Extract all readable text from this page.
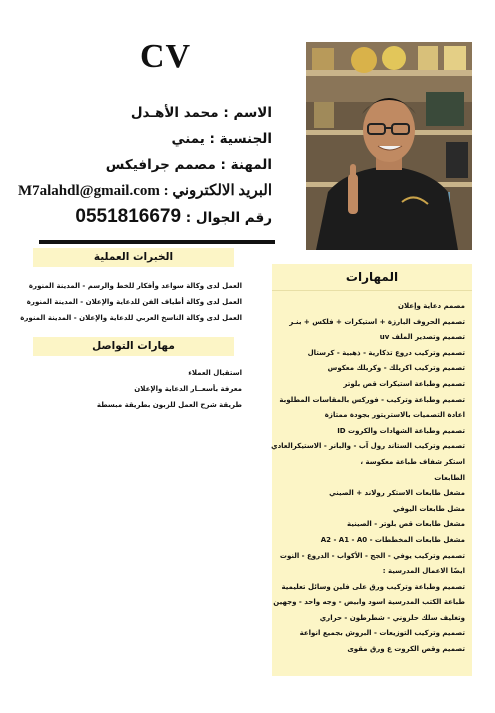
CV
الاسم : محمد الأهـدل
الجنسية : يمني
المهنة : مصمم جرافيكس
البريد الالكتروني : M7alahdl@gmail.com
رقم الجوال : 0551816679
الخبرات العملية
العمل لدى وكالة سواعد وأفكار للخط والرسم - المدينة المنورة
العمل لدى وكالة أطياف الفن للدعاية والإعلان - المدينة المنورة
العمل لدى وكالة الناسخ العربي للدعاية والإعلان - المدينة المنورة
مهارات التواصل
استقبال العملاء
معرفة بأسعــار الدعاية والإعلان
طريقة شرح العمل للزبون بطريقة مبسطة
المهارات
مصمم دعاية وإعلان
تصميم الحروف البارزة + استيكرات + فلكس + بنـر
تصميم وتصدير الملف uv
تصميم وتركيب دروع تذكارية - ذهبية - كرستال
تصميم وتركيب اكريلك - وكريلك معكوس
تصميم وطباعة استيكرات قص بلوتر
تصميم وطباعة وتركيب - فوركس بالمقاسات المطلوبة
اعادة التصميات بالاستريتور بجودة ممتازة
تصميم وطباعة الشهادات والكروت ID
تصميم وتركيب الستاند رول آب - والبانر - الاستيكرالعادي
استكر شفاف طباعة معكوسة ،
الطابعات
مشغل طابعات الاستكر رولاند + الصيني
مشل طابعات اليوفي
مشغل طابعات قص بلوتر - الصينية
مشغل طابعات المخططات - A2 - A1 - A0
تصميم وتركيب يوفي - الجج - الأكواب - الدروع - النوت
ايضًا الاعمال المدرسية :
تصميم وطباعة وتركيب ورق على فلين وسائل تعليمية
طباعة الكتب المدرسية اسود وابيض - وجه واحد - وجهين
وتغليف سلك حلزوني - شطرطون - حراري
تصميم وتركيب التوزيعات - البروش بجميع انواعة
تصميم وقص الكروت ع ورق مقوى
